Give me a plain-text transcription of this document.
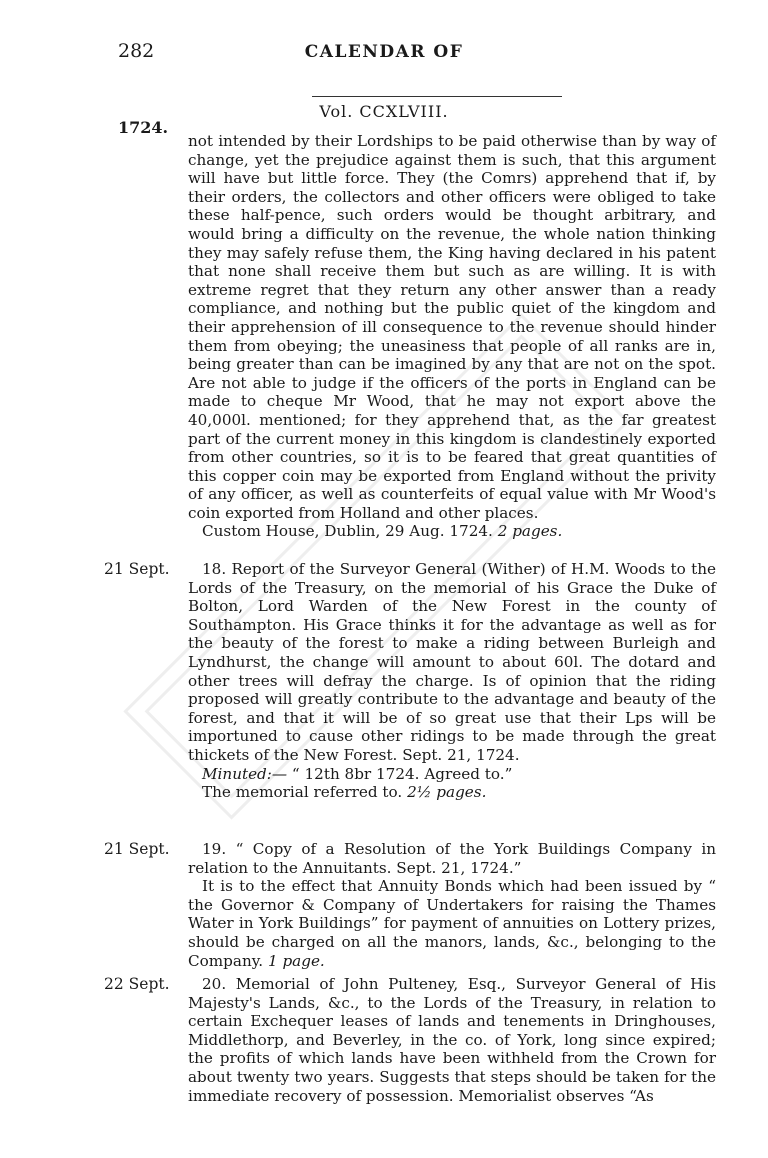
282	CALENDAR OF
Vol. CCXLVIII.
1724.

not intended by their Lordships to be paid otherwise than by way of change, yet the prejudice against them is such, that this argument will have but little force. They (the Comrs) apprehend that if, by their orders, the collectors and other officers were obliged to take these half-pence, such orders would be thought arbitrary, and would bring a difficulty on the revenue, the whole nation thinking they may safely refuse them, the King having declared in his patent that none shall receive them but such as are willing. It is with extreme regret that they return any other answer than a ready compliance, and nothing but the public quiet of the kingdom and their apprehension of ill consequence to the revenue should hinder them from obeying; the uneasiness that people of all ranks are in, being greater than can be imagined by any that are not on the spot. Are not able to judge if the officers of the ports in England can be made to cheque Mr Wood, that he may not export above the 40,000l. mentioned; for they apprehend that, as the far greatest part of the current money in this kingdom is clandestinely exported from other countries, so it is to be feared that great quantities of this copper coin may be exported from England without the privity of any officer, as well as counterfeits of equal value with Mr Wood's coin exported from Holland and other places.

Custom House, Dublin, 29 Aug. 1724. 2 pages.

21 Sept.	18. Report of the Surveyor General (Wither) of H.M. Woods to the Lords of the Treasury, on the memorial of his Grace the Duke of Bolton, Lord Warden of the New Forest in the county of Southampton. His Grace thinks it for the advantage as well as for the beauty of the forest to make a riding between Burleigh and Lyndhurst, the change will amount to about 60l. The dotard and other trees will defray the charge. Is of opinion that the riding proposed will greatly contribute to the advantage and beauty of the forest, and that it will be of so great use that their Lps will be importuned to cause other ridings to be made through the great thickets of the New Forest. Sept. 21, 1724.

Minuted:— “ 12th 8br 1724. Agreed to.”

The memorial referred to. 2½ pages.

21 Sept.	19. “ Copy of a Resolution of the York Buildings Company in relation to the Annuitants. Sept. 21, 1724.”

It is to the effect that Annuity Bonds which had been issued by “ the Governor & Company of Undertakers for raising the Thames Water in York Buildings” for payment of annuities on Lottery prizes, should be charged on all the manors, lands, &c., belonging to the Company. 1 page.

22 Sept.	20. Memorial of John Pulteney, Esq., Surveyor General of His Majesty's Lands, &c., to the Lords of the Treasury, in relation to certain Exchequer leases of lands and tenements in Dringhouses, Middlethorp, and Beverley, in the co. of York, long since expired; the profits of which lands have been withheld from the Crown for about twenty two years. Suggests that steps should be taken for the immediate recovery of possession. Memorialist observes “As
